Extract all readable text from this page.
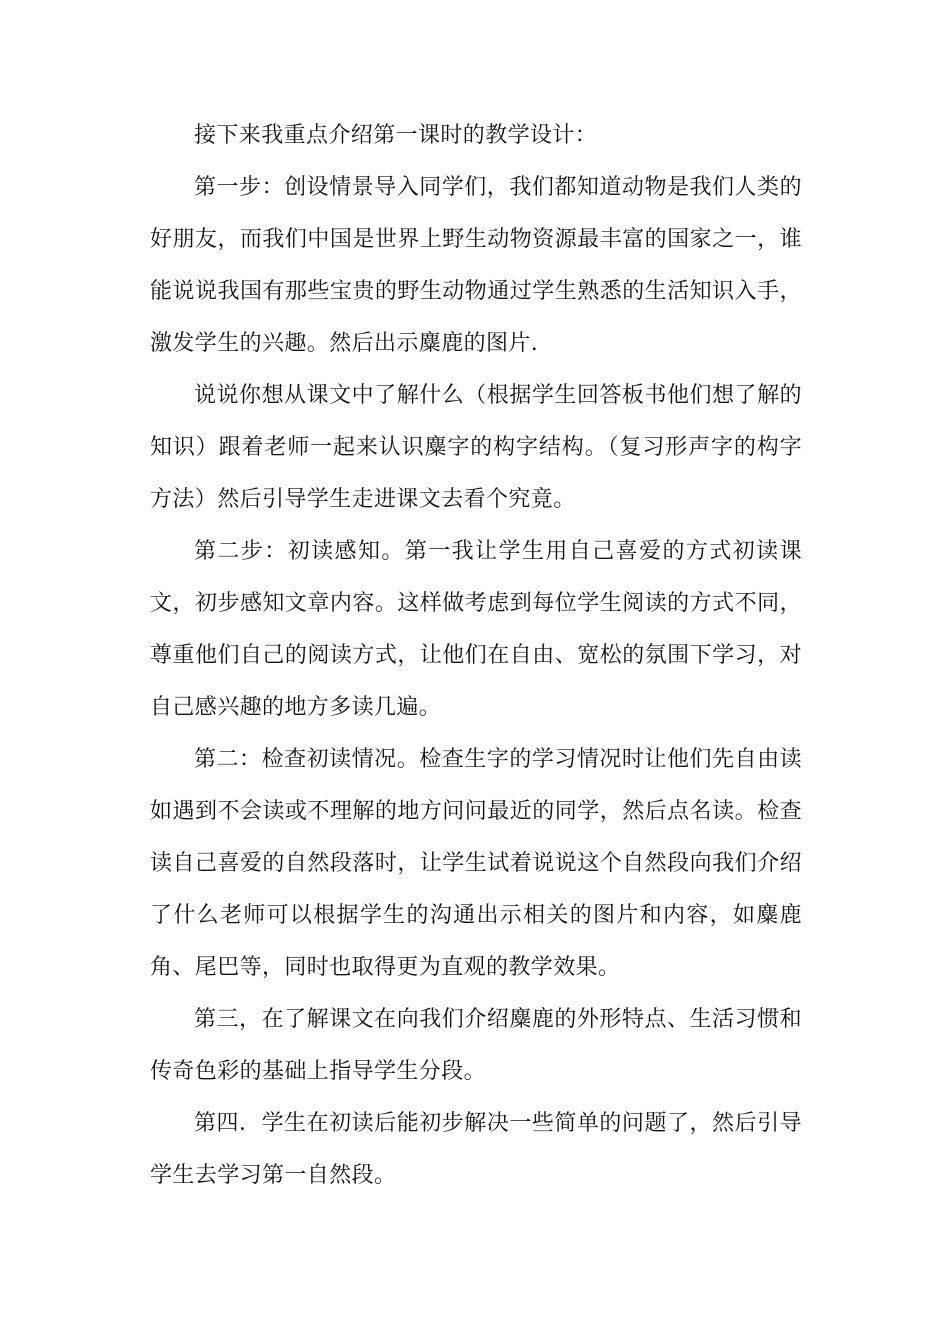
接下来我重点介绍第一课时的教学设计：

第一步：创设情景导入同学们，我们都知道动物是我们人类的好朋友，而我们中国是世界上野生动物资源最丰富的国家之一，谁能说说我国有那些宝贵的野生动物通过学生熟悉的生活知识入手，激发学生的兴趣。然后出示麋鹿的图片.

说说你想从课文中了解什么（根据学生回答板书他们想了解的知识）跟着老师一起来认识麋字的构字结构。（复习形声字的构字方法）然后引导学生走进课文去看个究竟。

第二步：初读感知。第一我让学生用自己喜爱的方式初读课文，初步感知文章内容。这样做考虑到每位学生阅读的方式不同，尊重他们自己的阅读方式，让他们在自由、宽松的氛围下学习，对自己感兴趣的地方多读几遍。

第二：检查初读情况。检查生字的学习情况时让他们先自由读如遇到不会读或不理解的地方问问最近的同学，然后点名读。检查读自己喜爱的自然段落时，让学生试着说说这个自然段向我们介绍了什么老师可以根据学生的沟通出示相关的图片和内容，如麋鹿角、尾巴等，同时也取得更为直观的教学效果。

第三，在了解课文在向我们介绍麋鹿的外形特点、生活习惯和传奇色彩的基础上指导学生分段。

第四．学生在初读后能初步解决一些简单的问题了，然后引导学生去学习第一自然段。
